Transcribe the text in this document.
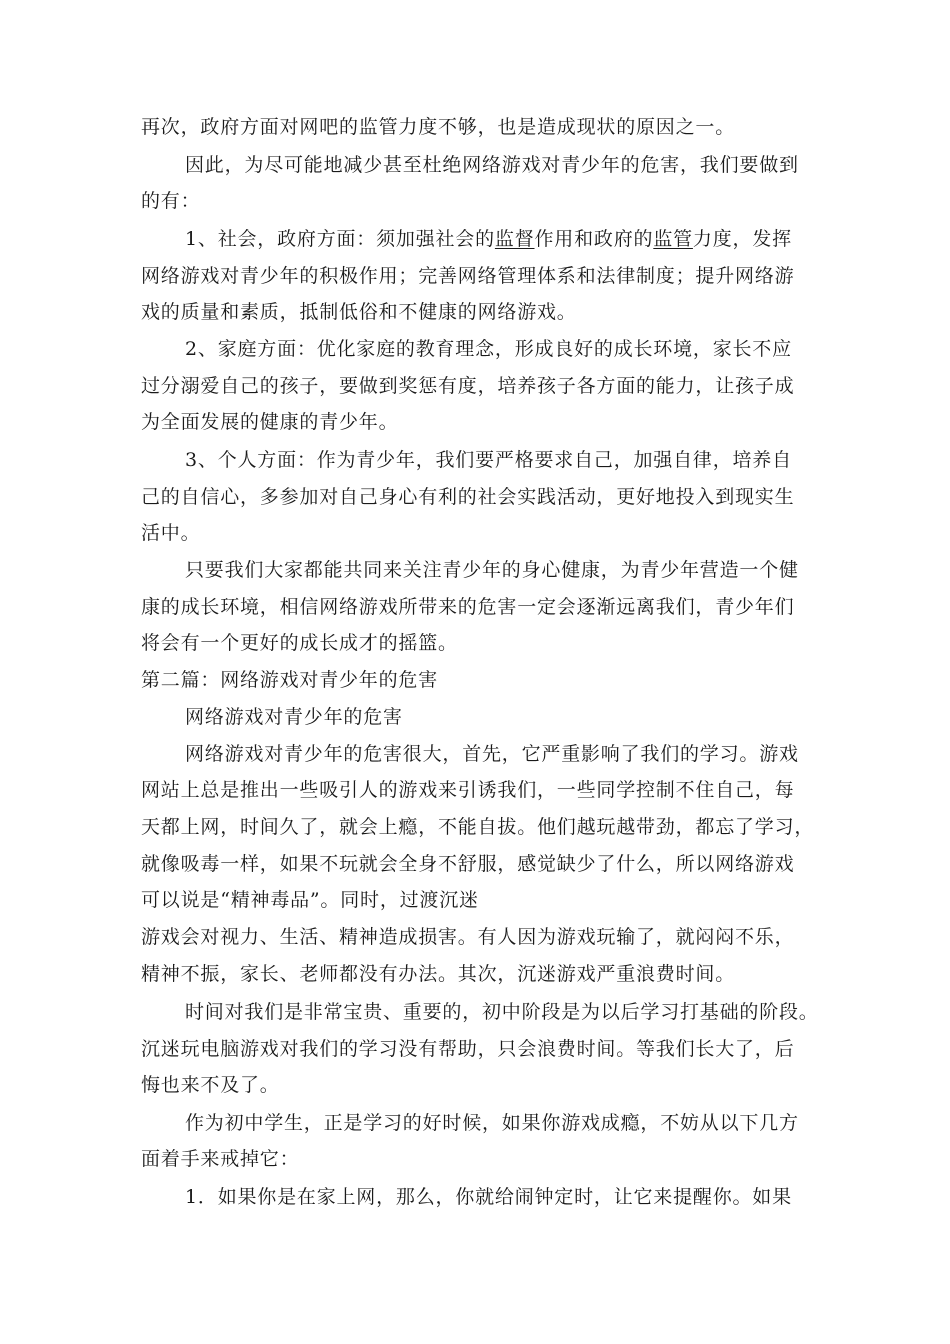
再次，政府方面对网吧的监管力度不够，也是造成现状的原因之一。
因此，为尽可能地减少甚至杜绝网络游戏对青少年的危害，我们要做到
的有：
1、社会，政府方面：须加强社会的监督作用和政府的监管力度，发挥
网络游戏对青少年的积极作用；完善网络管理体系和法律制度；提升网络游
戏的质量和素质，抵制低俗和不健康的网络游戏。
2、家庭方面：优化家庭的教育理念，形成良好的成长环境，家长不应
过分溺爱自己的孩子，要做到奖惩有度，培养孩子各方面的能力，让孩子成
为全面发展的健康的青少年。
3、个人方面：作为青少年，我们要严格要求自己，加强自律，培养自
己的自信心，多参加对自己身心有利的社会实践活动，更好地投入到现实生
活中。
只要我们大家都能共同来关注青少年的身心健康，为青少年营造一个健
康的成长环境，相信网络游戏所带来的危害一定会逐渐远离我们，青少年们
将会有一个更好的成长成才的摇篮。
第二篇：网络游戏对青少年的危害
网络游戏对青少年的危害
网络游戏对青少年的危害很大，首先，它严重影响了我们的学习。游戏
网站上总是推出一些吸引人的游戏来引诱我们，一些同学控制不住自己，每
天都上网，时间久了，就会上瘾，不能自拔。他们越玩越带劲，都忘了学习，
就像吸毒一样，如果不玩就会全身不舒服，感觉缺少了什么，所以网络游戏
可以说是“精神毒品”。同时，过渡沉迷
游戏会对视力、生活、精神造成损害。有人因为游戏玩输了，就闷闷不乐，
精神不振，家长、老师都没有办法。其次，沉迷游戏严重浪费时间。
时间对我们是非常宝贵、重要的，初中阶段是为以后学习打基础的阶段。
沉迷玩电脑游戏对我们的学习没有帮助，只会浪费时间。等我们长大了，后
悔也来不及了。
作为初中学生，正是学习的好时候，如果你游戏成瘾，不妨从以下几方
面着手来戒掉它：
1．如果你是在家上网，那么，你就给闹钟定时，让它来提醒你。如果
